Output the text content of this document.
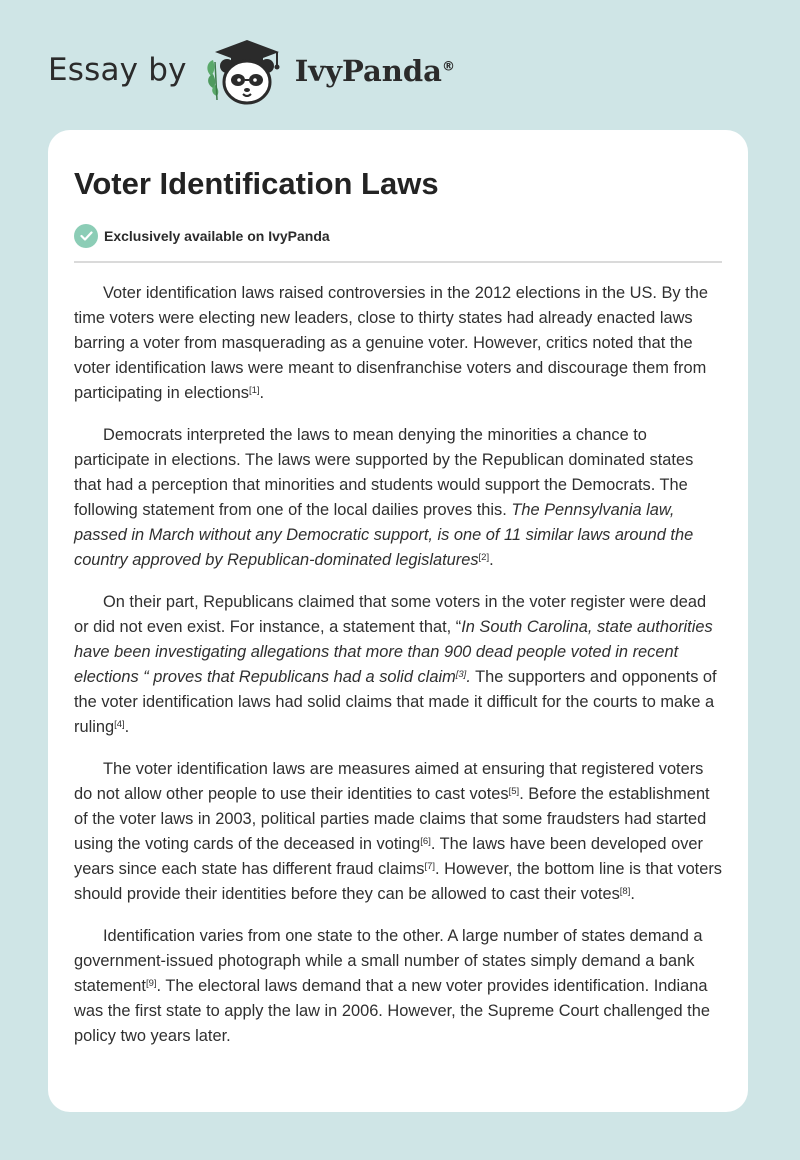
Essay by	IvyPanda®
Voter Identification Laws
Exclusively available on IvyPanda

Voter identification laws raised controversies in the 2012 elections in the US. By the time voters were electing new leaders, close to thirty states had already enacted laws barring a voter from masquerading as a genuine voter. However, critics noted that the voter identification laws were meant to disenfranchise voters and discourage them from participating in elections[1].

Democrats interpreted the laws to mean denying the minorities a chance to participate in elections. The laws were supported by the Republican dominated states that had a perception that minorities and students would support the Democrats. The following statement from one of the local dailies proves this. The Pennsylvania law, passed in March without any Democratic support, is one of 11 similar laws around the country approved by Republican-dominated legislatures[2].

On their part, Republicans claimed that some voters in the voter register were dead or did not even exist. For instance, a statement that, “In South Carolina, state authorities have been investigating allegations that more than 900 dead people voted in recent elections “ proves that Republicans had a solid claim[3]. The supporters and opponents of the voter identification laws had solid claims that made it difficult for the courts to make a ruling[4].

The voter identification laws are measures aimed at ensuring that registered voters do not allow other people to use their identities to cast votes[5]. Before the establishment of the voter laws in 2003, political parties made claims that some fraudsters had started using the voting cards of the deceased in voting[6]. The laws have been developed over years since each state has different fraud claims[7]. However, the bottom line is that voters should provide their identities before they can be allowed to cast their votes[8].

Identification varies from one state to the other. A large number of states demand a government-issued photograph while a small number of states simply demand a bank statement[9]. The electoral laws demand that a new voter provides identification. Indiana was the first state to apply the law in 2006. However, the Supreme Court challenged the policy two years later.
